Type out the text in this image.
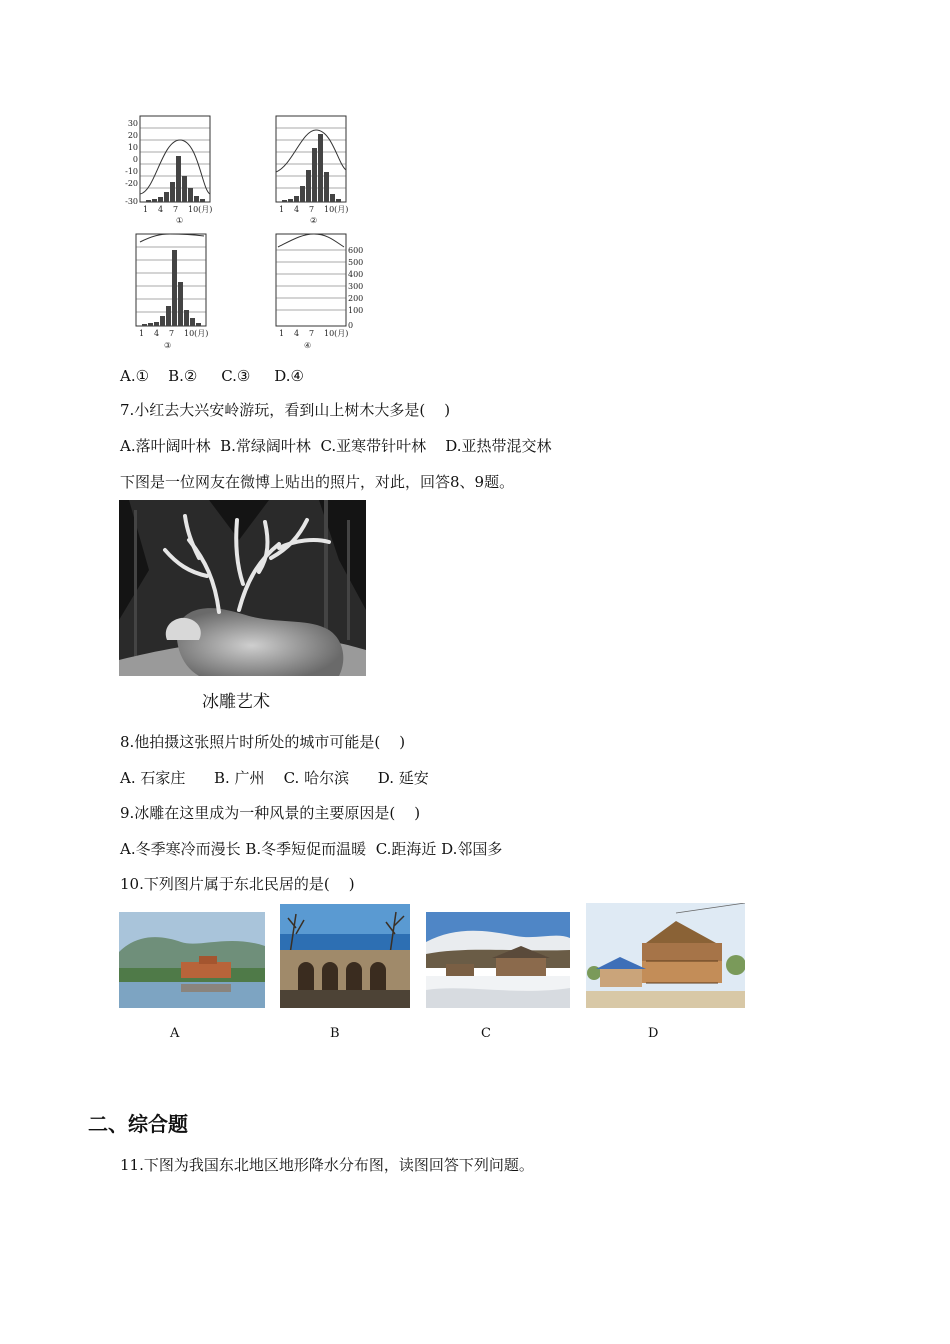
30
20
10
0
-10
-20
-30
1 4 7 10(月)
①
1 4 7 10(月)
②
1 4 7 10(月)
③
600
500
400
300
200
100
0
1 4 7 10(月)
④
A.①    B.②     C.③     D.④
7.小红去大兴安岭游玩，看到山上树木大多是(    )
A.落叶阔叶林  B.常绿阔叶林  C.亚寒带针叶林    D.亚热带混交林
下图是一位网友在微博上贴出的照片，对此，回答8、9题。
冰雕艺术
8.他拍摄这张照片时所处的城市可能是(    )
A. 石家庄      B. 广州    C. 哈尔滨      D. 延安
9.冰雕在这里成为一种风景的主要原因是(    )
A.冬季寒冷而漫长 B.冬季短促而温暖  C.距海近 D.邻国多
10.下列图片属于东北民居的是(    )
A	B	C	D
二、综合题
11.下图为我国东北地区地形降水分布图，读图回答下列问题。
